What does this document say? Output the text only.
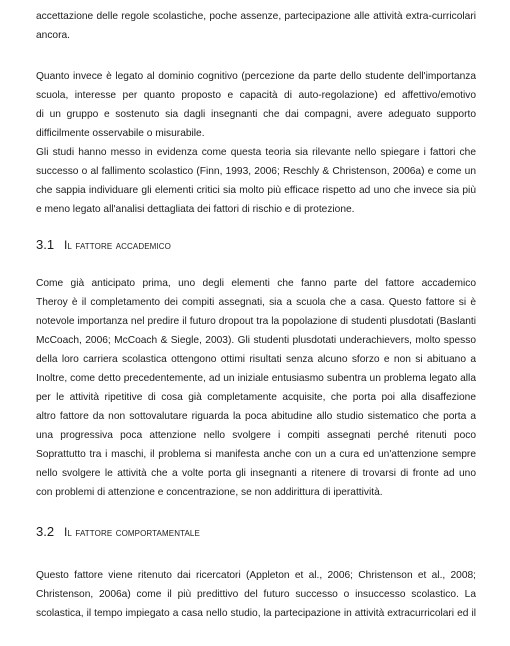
accettazione delle regole scolastiche, poche assenze, partecipazione alle attività extra-curricolari
ancora.
Quanto invece è legato al dominio cognitivo (percezione da parte dello studente dell'importanza
scuola, interesse per quanto proposto e capacità di auto-regolazione) ed affettivo/emotivo
di un gruppo e sostenuto sia dagli insegnanti che dai compagni, avere adeguato supporto
difficilmente osservabile o misurabile.
Gli studi hanno messo in evidenza come questa teoria sia rilevante nello spiegare i fattori che
successo o al fallimento scolastico (Finn, 1993, 2006; Reschly & Christenson, 2006a) e come un
che sappia individuare gli elementi critici sia molto più efficace rispetto ad uno che invece sia più
e meno legato all'analisi dettagliata dei fattori di rischio e di protezione.
3.1 Il fattore accademico
Come già anticipato prima, uno degli elementi che fanno parte del fattore accademico
Theroy è il completamento dei compiti assegnati, sia a scuola che a casa. Questo fattore si è
notevole importanza nel predire il futuro dropout tra la popolazione di studenti plusdotati (Baslanti
McCoach, 2006; McCoach & Siegle, 2003). Gli studenti plusdotati underachievers, molto spesso
della loro carriera scolastica ottengono ottimi risultati senza alcuno sforzo e non si abituano a
Inoltre, come detto precedentemente, ad un iniziale entusiasmo subentra un problema legato alla
per le attività ripetitive di cosa già completamente acquisite, che porta poi alla disaffezione
altro fattore da non sottovalutare riguarda la poca abitudine allo studio sistematico che porta a
una progressiva poca attenzione nello svolgere i compiti assegnati perché ritenuti poco
Soprattutto tra i maschi, il problema si manifesta anche con un a cura ed un'attenzione sempre
nello svolgere le attività che a volte porta gli insegnanti a ritenere di trovarsi di fronte ad uno
con problemi di attenzione e concentrazione, se non addirittura di iperattività.
3.2 Il fattore comportamentale
Questo fattore viene ritenuto dai ricercatori (Appleton et al., 2006; Christenson et al., 2008;
Christenson, 2006a) come il più predittivo del futuro successo o insuccesso scolastico. La
scolastica, il tempo impiegato a casa nello studio, la partecipazione in attività extracurricolari ed il
